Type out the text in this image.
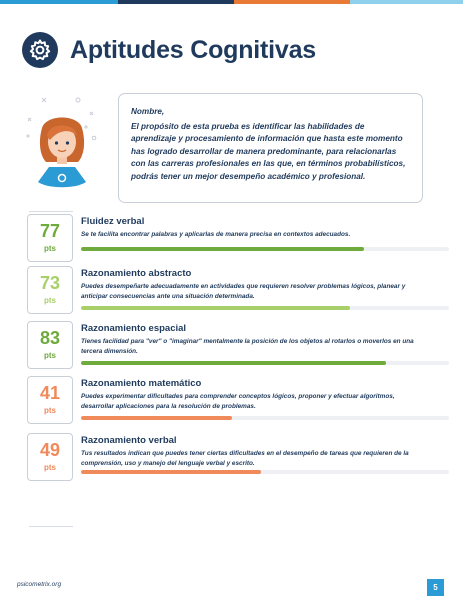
Aptitudes Cognitivas

Nombre,

El propósito de esta prueba es identificar las habilidades de aprendizaje y procesamiento de información que hasta este momento has logrado desarrollar de manera predominante, para relacionarlas con las carreras profesionales en las que, en términos probabilísticos, podrás tener un mejor desempeño académico y profesional.

77
pts
Fluidez verbal
Se te facilita encontrar palabras y aplicarlas de manera precisa en contextos adecuados.
73
pts
Razonamiento abstracto
Puedes desempeñarte adecuadamente en actividades que requieren resolver problemas lógicos, planear y anticipar consecuencias ante una situación determinada.
83
pts
Razonamiento espacial
Tienes facilidad para "ver" o "imaginar" mentalmente la posición de los objetos al rotarlos o moverlos en una tercera dimensión.
41
pts
Razonamiento matemático
Puedes experimentar dificultades para comprender conceptos lógicos, proponer y efectuar algoritmos, desarrollar aplicaciones para la resolución de problemas.
49
pts
Razonamiento verbal
Tus resultados indican que puedes tener ciertas dificultades en el desempeño de tareas que requieren de la comprensión, uso y manejo del lenguaje verbal y escrito.
psicometrix.org	5
